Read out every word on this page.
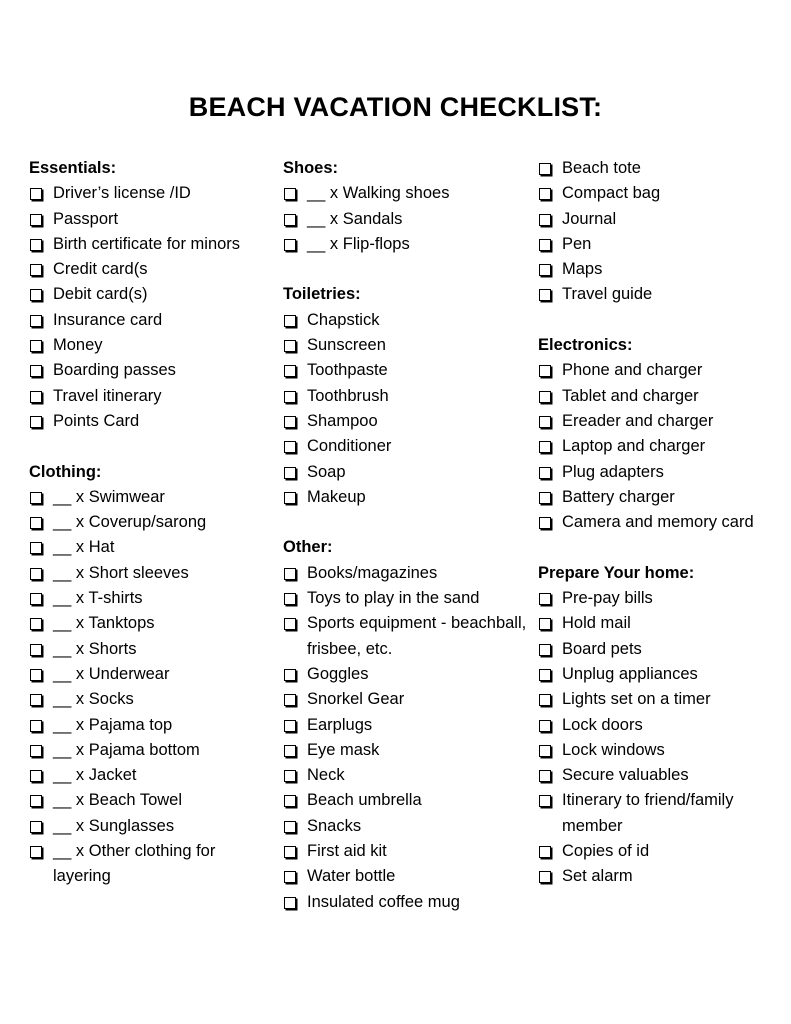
BEACH VACATION CHECKLIST:
Essentials:
Driver’s license /ID
Passport
Birth certificate for minors
Credit card(s
Debit card(s)
Insurance card
Money
Boarding passes
Travel itinerary
Points Card
Clothing:
__ x Swimwear
__ x Coverup/sarong
__ x Hat
__ x Short sleeves
__ x T-shirts
__ x Tanktops
__ x Shorts
__ x Underwear
__ x Socks
__ x Pajama top
__ x Pajama bottom
__ x Jacket
__ x Beach Towel
__ x Sunglasses
__ x Other clothing for layering
Shoes:
__ x Walking shoes
__ x Sandals
__ x Flip-flops
Toiletries:
Chapstick
Sunscreen
Toothpaste
Toothbrush
Shampoo
Conditioner
Soap
Makeup
Other:
Books/magazines
Toys to play in the sand
Sports equipment - beachball, frisbee, etc.
Goggles
Snorkel Gear
Earplugs
Eye mask
Neck
Beach umbrella
Snacks
First aid kit
Water bottle
Insulated coffee mug
Beach tote
Compact bag
Journal
Pen
Maps
Travel guide
Electronics:
Phone and charger
Tablet and charger
Ereader and charger
Laptop and charger
Plug adapters
Battery charger
Camera and memory card
Prepare Your home:
Pre-pay bills
Hold mail
Board pets
Unplug appliances
Lights set on a timer
Lock doors
Lock windows
Secure valuables
Itinerary to friend/family member
Copies of id
Set alarm
